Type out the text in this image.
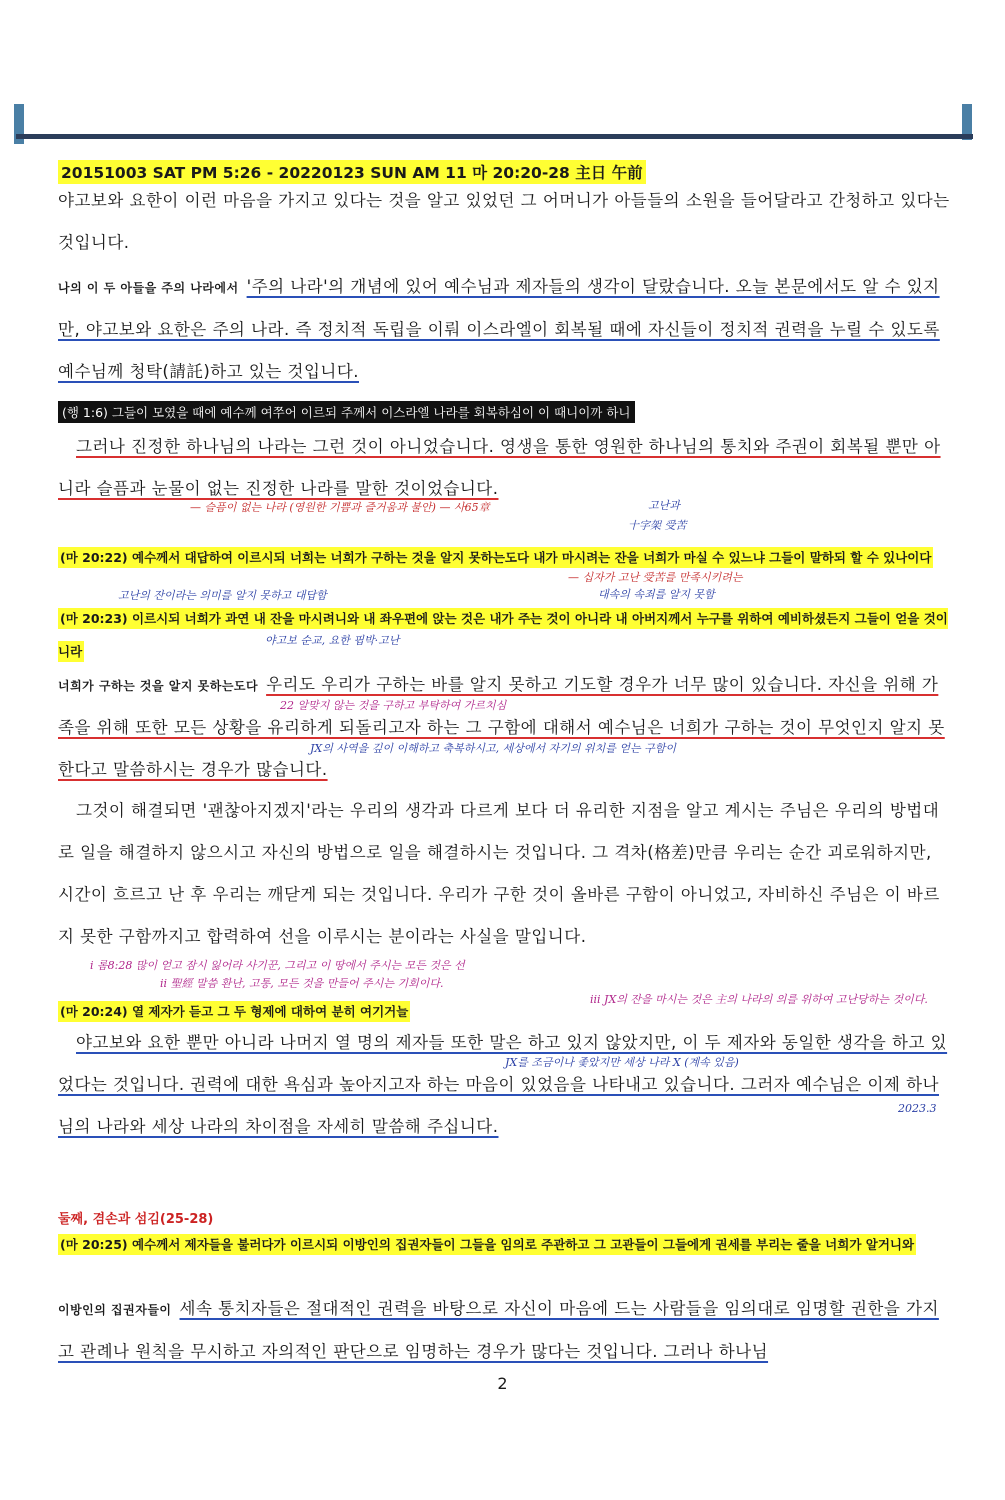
20151003 SAT PM 5:26 - 20220123 SUN AM 11 마 20:20-28 主日 午前
야고보와 요한이 이런 마음을 가지고 있다는 것을 알고 있었던 그 어머니가 아들들의 소원을 들어달라고 간청하고 있다는 것입니다.
나의 이 두 아들을 주의 나라에서 '주의 나라'의 개념에 있어 예수님과 제자들의 생각이 달랐습니다. 오늘 본문에서도 알 수 있지만, 야고보와 요한은 주의 나라. 즉 정치적 독립을 이뤄 이스라엘이 회복될 때에 자신들이 정치적 권력을 누릴 수 있도록 예수님께 청탁(請託)하고 있는 것입니다.
(행 1:6) 그들이 모였을 때에 예수께 여쭈어 이르되 주께서 이스라엘 나라를 회복하심이 이 때니이까 하니
그러나 진정한 하나님의 나라는 그런 것이 아니었습니다. 영생을 통한 영원한 하나님의 통치와 주권이 회복될 뿐만 아니라 슬픔과 눈물이 없는 진정한 나라를 말한 것이었습니다.
— 슬픔이 없는 나라 (영원한 기쁨과 즐거움과 불안) — 사65章	고난과
十字架 受苦
(마 20:22) 예수께서 대답하여 이르시되 너희는 너희가 구하는 것을 알지 못하는도다 내가 마시려는 잔을 너희가 마실 수 있느냐 그들이 말하되 할 수 있나이다
— 십자가 고난 受苦를 만족시키려는
대속의 속죄를 알지 못함
고난의 잔이라는 의미를 알지 못하고 대답함
(마 20:23) 이르시되 너희가 과연 내 잔을 마시려니와 내 좌우편에 앉는 것은 내가 주는 것이 아니라 내 아버지께서 누구를 위하여 예비하셨든지 그들이 얻을 것이니라
야고보 순교, 요한 핍박·고난
너희가 구하는 것을 알지 못하는도다 우리도 우리가 구하는 바를 알지 못하고 기도할 경우가 너무 많이 있습니다. 자신을 위해 가족을 위해 또한 모든 상황을 유리하게 되돌리고자 하는 그 구함에 대해서 예수님은 너희가 구하는 것이 무엇인지 알지 못한다고 말씀하시는 경우가 많습니다.
22 알맞지 않는 것을 구하고 부탁하여 가르치심
JX의 사역을 깊이 이해하고 축복하시고, 세상에서 자기의 위치를 얻는 구함이
그것이 해결되면 '괜찮아지겠지'라는 우리의 생각과 다르게 보다 더 유리한 지점을 알고 계시는 주님은 우리의 방법대로 일을 해결하지 않으시고 자신의 방법으로 일을 해결하시는 것입니다. 그 격차(格差)만큼 우리는 순간 괴로워하지만, 시간이 흐르고 난 후 우리는 깨닫게 되는 것입니다. 우리가 구한 것이 올바른 구함이 아니었고, 자비하신 주님은 이 바르지 못한 구함까지고 합력하여 선을 이루시는 분이라는 사실을 말입니다.
i 롬8:28 많이 얻고 잠시 잃어라 사기꾼, 그리고 이 땅에서 주시는 모든 것은 선
ii 聖經 말씀 환난, 고통, 모든 것을 만들어 주시는 기회이다.
(마 20:24) 열 제자가 듣고 그 두 형제에 대하여 분히 여기거늘
iii JX의 잔을 마시는 것은 主의 나라의 의를 위하여 고난당하는 것이다.
야고보와 요한 뿐만 아니라 나머지 열 명의 제자들 또한 말은 하고 있지 않았지만, 이 두 제자와 동일한 생각을 하고 있었다는 것입니다. 권력에 대한 욕심과 높아지고자 하는 마음이 있었음을 나타내고 있습니다. 그러자 예수님은 이제 하나님의 나라와 세상 나라의 차이점을 자세히 말씀해 주십니다.
JX를 조금이나 좇았지만 세상 나라 X (계속 있음)
2023.3
둘째, 겸손과 섬김(25-28)
(마 20:25) 예수께서 제자들을 불러다가 이르시되 이방인의 집권자들이 그들을 임의로 주관하고 그 고관들이 그들에게 권세를 부리는 줄을 너희가 알거니와
이방인의 집권자들이 세속 통치자들은 절대적인 권력을 바탕으로 자신이 마음에 드는 사람들을 임의대로 임명할 권한을 가지고 관례나 원칙을 무시하고 자의적인 판단으로 임명하는 경우가 많다는 것입니다. 그러나 하나님
2
